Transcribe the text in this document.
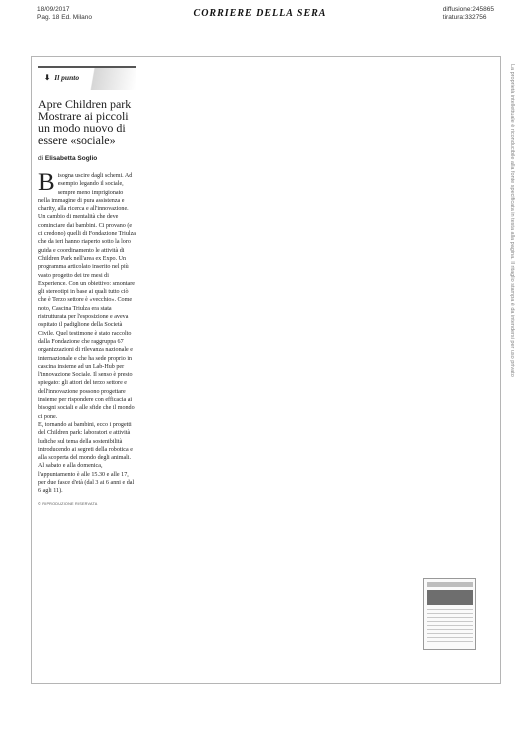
18/09/2017
Pag. 18 Ed. Milano	CORRIERE DELLA SERA	diffusione:245865
tiratura:332756
La proprietà intellettuale è riconducibile alla fonte specificata in testa alla pagina. Il ritaglio stampa è da intendersi per uso privato
⬇ Il punto
Apre Children park Mostrare ai piccoli un modo nuovo di essere «sociale»
di Elisabetta Soglio
B isogna uscire dagli schemi. Ad esempio legando il sociale, sempre meno imprigionato nella immagine di pura assistenza e charity, alla ricerca e all'innovazione. Un cambio di mentalità che deve cominciare dai bambini. Ci provano (e ci credono) quelli di Fondazione Triulza che da ieri hanno riaperto sotto la loro guida e coordinamento le attività di Children Park nell'area ex Expo. Un programma articolato inserito nel più vasto progetto dei tre mesi di Experience. Con un obiettivo: smontare gli stereotipi in base ai quali tutto ciò che è Terzo settore è «vecchio». Come noto, Cascina Triulza era stata ristrutturata per l'esposizione e aveva ospitato il padiglione della Società Civile. Quel testimone è stato raccolto dalla Fondazione che raggruppa 67 organizzazioni di rilevanza nazionale e internazionale e che ha sede proprio in cascina insieme ad un Lab-Hub per l'innovazione Sociale. Il senso è presto spiegato: gli attori del terzo settore e dell'innovazione possono progettare insieme per rispondere con efficacia ai bisogni sociali e alle sfide che il mondo ci pone.
E, tornando ai bambini, ecco i progetti del Children park: laboratori e attività ludiche sul tema della sostenibilità introducendo ai segreti della robotica e alla scoperta del mondo degli animali. Al sabato e alla domenica, l'appuntamento è alle 15.30 e alle 17, per due fasce d'età (dal 3 ai 6 anni e dal 6 agli 11).
© RIPRODUZIONE RISERVATA
